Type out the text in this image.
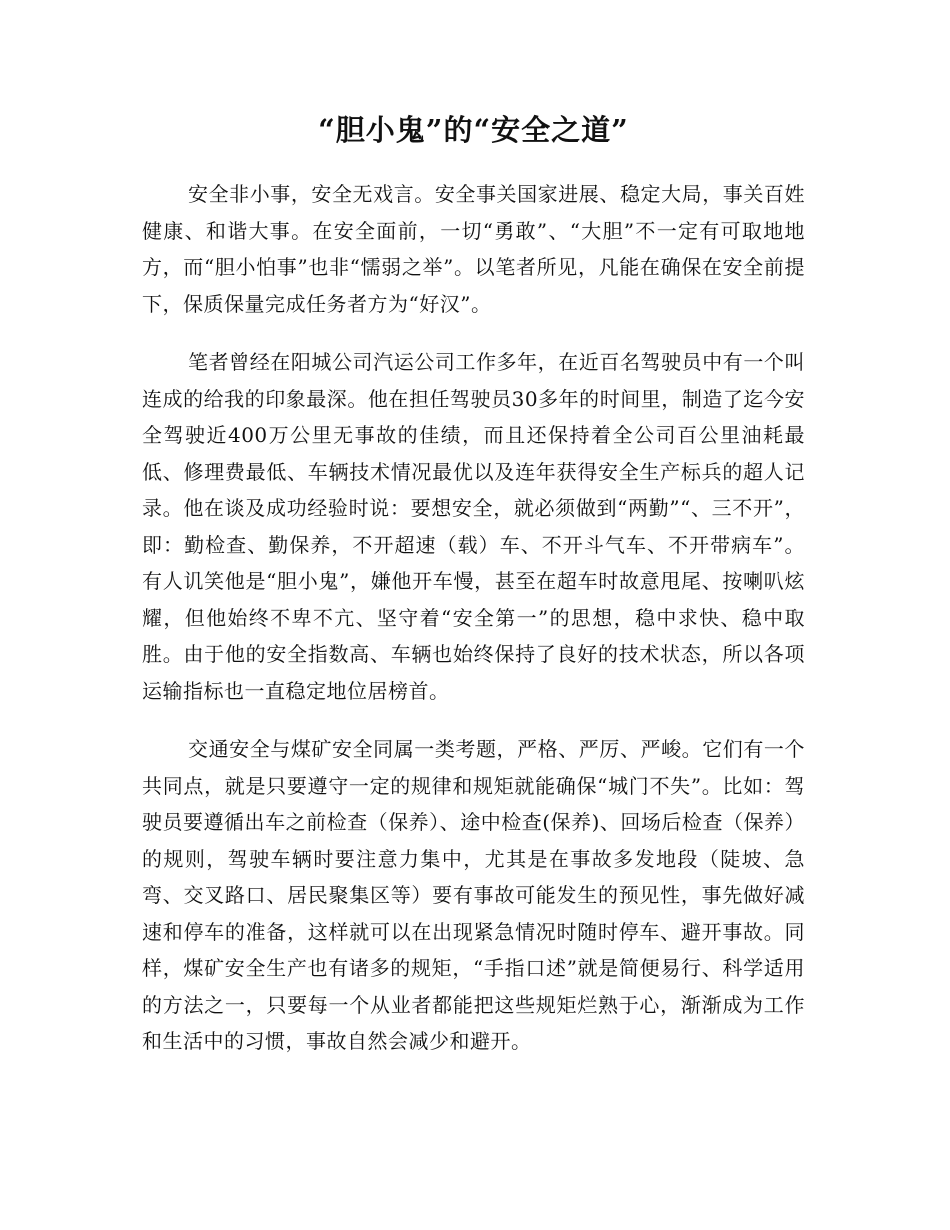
“胆小鬼”的“安全之道”

安全非小事，安全无戏言。安全事关国家进展、稳定大局，事关百姓健康、和谐大事。在安全面前，一切“勇敢”、“大胆”不一定有可取地地方，而“胆小怕事”也非“懦弱之举”。以笔者所见，凡能在确保在安全前提下，保质保量完成任务者方为“好汉”。

笔者曾经在阳城公司汽运公司工作多年，在近百名驾驶员中有一个叫连成的给我的印象最深。他在担任驾驶员30多年的时间里，制造了迄今安全驾驶近400万公里无事故的佳绩，而且还保持着全公司百公里油耗最低、修理费最低、车辆技术情况最优以及连年获得安全生产标兵的超人记录。他在谈及成功经验时说：要想安全，就必须做到“两勤”“、三不开”，即：勤检查、勤保养，不开超速（载）车、不开斗气车、不开带病车”。有人讥笑他是“胆小鬼”，嫌他开车慢，甚至在超车时故意甩尾、按喇叭炫耀，但他始终不卑不亢、坚守着“安全第一”的思想，稳中求快、稳中取胜。由于他的安全指数高、车辆也始终保持了良好的技术状态，所以各项运输指标也一直稳定地位居榜首。

交通安全与煤矿安全同属一类考题，严格、严厉、严峻。它们有一个共同点，就是只要遵守一定的规律和规矩就能确保“城门不失”。比如：驾驶员要遵循出车之前检查（保养）、途中检查(保养)、回场后检查（保养）的规则，驾驶车辆时要注意力集中，尤其是在事故多发地段（陡坡、急弯、交叉路口、居民聚集区等）要有事故可能发生的预见性，事先做好减速和停车的准备，这样就可以在出现紧急情况时随时停车、避开事故。同样，煤矿安全生产也有诸多的规矩，“手指口述”就是简便易行、科学适用的方法之一，只要每一个从业者都能把这些规矩烂熟于心，渐渐成为工作和生活中的习惯，事故自然会减少和避开。
